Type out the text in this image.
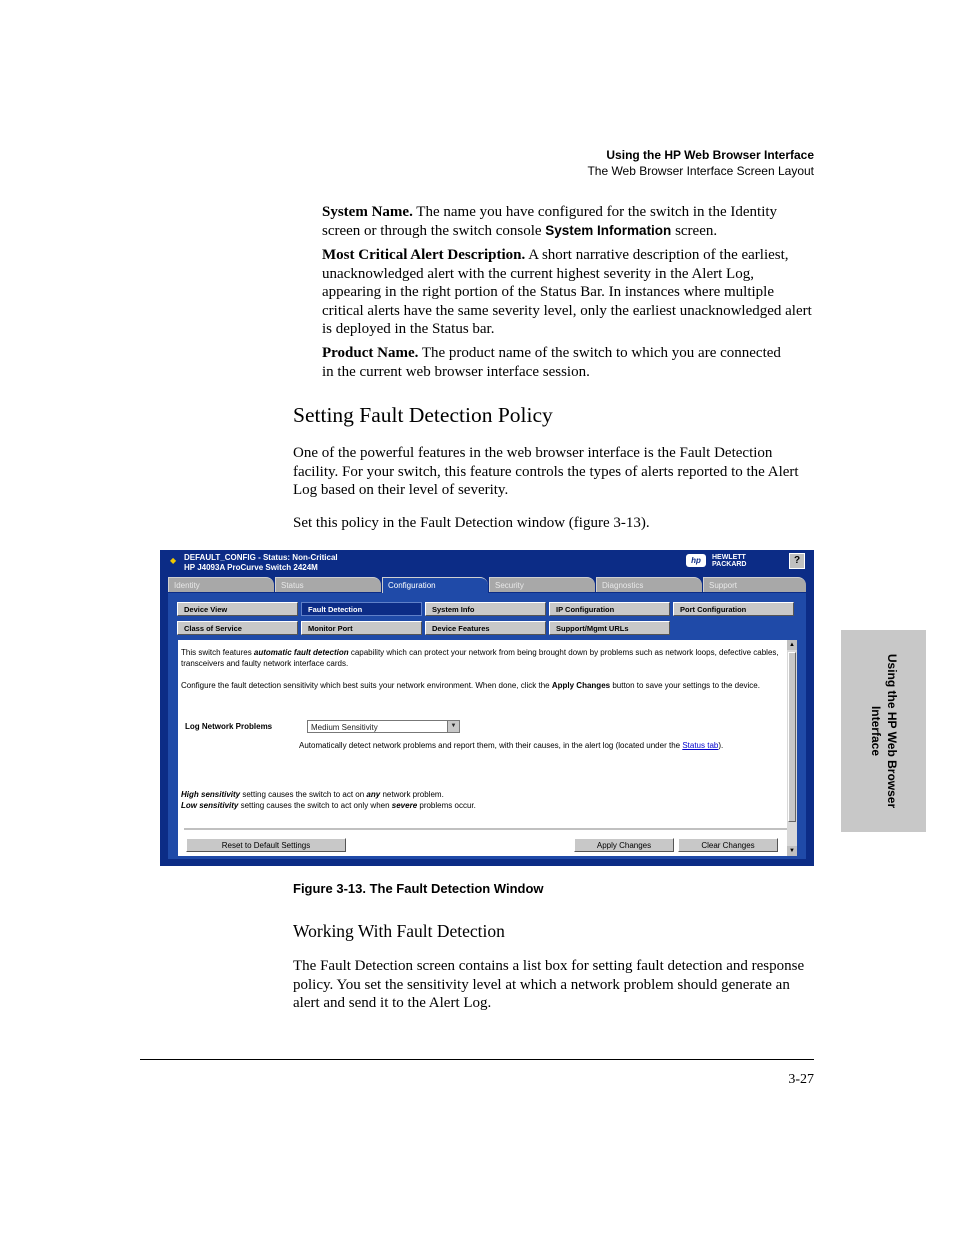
Using the HP Web Browser Interface
The Web Browser Interface Screen Layout
System Name. The name you have configured for the switch in the Identity screen or through the switch console System Information screen.
Most Critical Alert Description. A short narrative description of the earliest, unacknowledged alert with the current highest severity in the Alert Log, appearing in the right portion of the Status Bar. In instances where multiple critical alerts have the same severity level, only the earliest unacknowledged alert is deployed in the Status bar.
Product Name. The product name of the switch to which you are connected in the current web browser interface session.
Setting Fault Detection Policy
One of the powerful features in the web browser interface is the Fault Detection facility. For your switch, this feature controls the types of alerts reported to the Alert Log based on their level of severity.
Set this policy in the Fault Detection window (figure 3-13).
◆ DEFAULT_CONFIG - Status: Non-Critical
HP J4093A ProCurve Switch 2424M
hp	HEWLETT
PACKARD	?
Identity	Status	Configuration	Security	Diagnostics	Support
Device View	Fault Detection	System Info	IP Configuration	Port Configuration
Class of Service	Monitor Port	Device Features	Support/Mgmt URLs
This switch features automatic fault detection capability which can protect your network from being brought down by problems such as network loops, defective cables, transceivers and faulty network interface cards.
Configure the fault detection sensitivity which best suits your network environment. When done, click the Apply Changes button to save your settings to the device.
Log Network Problems	Medium Sensitivity	▼
Automatically detect network problems and report them, with their causes, in the alert log (located under the Status tab).
High sensitivity setting causes the switch to act on any network problem.
Low sensitivity setting causes the switch to act only when severe problems occur.
Reset to Default Settings	Apply Changes	Clear Changes
▲
▼
Figure 3-13. The Fault Detection Window
Working With Fault Detection
The Fault Detection screen contains a list box for setting fault detection and response policy. You set the sensitivity level at which a network problem should generate an alert and send it to the Alert Log.
3-27
Using the HP Web Browser
Interface
